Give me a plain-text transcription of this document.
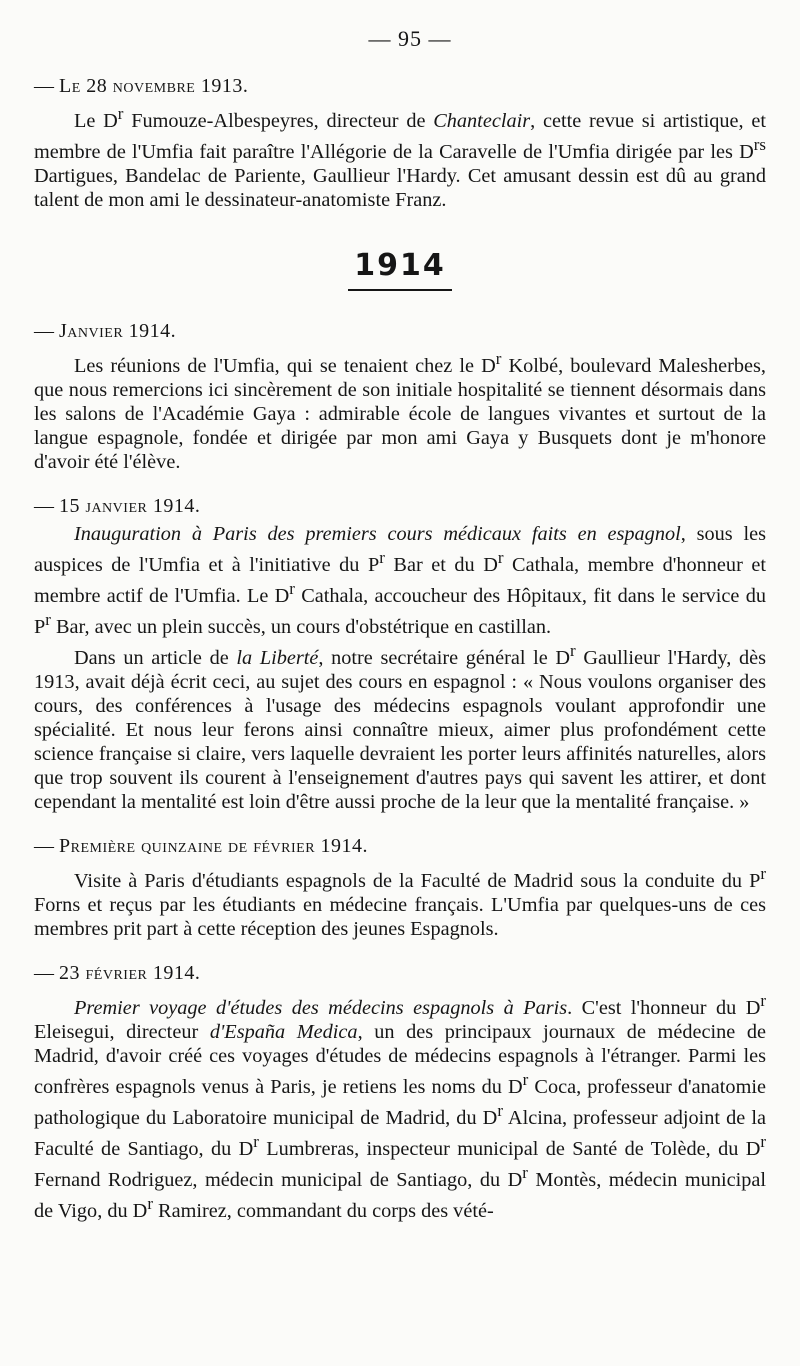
— 95 —
— Le 28 novembre 1913.

Le $D^r$ Fumouze-Albespeyres, directeur de Chanteclair, cette revue si artistique, et membre de l'Umfia fait paraître l'Allégorie de la Caravelle de l'Umfia dirigée par les $D^{rs}$ Dartigues, Bandelac de Pariente, Gaullieur l'Hardy. Cet amusant dessin est dû au grand talent de mon ami le dessinateur-anatomiste Franz.

1914
— Janvier 1914.

Les réunions de l'Umfia, qui se tenaient chez le $D^r$ Kolbé, boulevard Malesherbes, que nous remercions ici sincèrement de son initiale hospitalité se tiennent désormais dans les salons de l'Académie Gaya : admirable école de langues vivantes et surtout de la langue espagnole, fondée et dirigée par mon ami Gaya y Busquets dont je m'honore d'avoir été l'élève.

— 15 janvier 1914.

Inauguration à Paris des premiers cours médicaux faits en espagnol, sous les auspices de l'Umfia et à l'initiative du $P^r$ Bar et du $D^r$ Cathala, membre d'honneur et membre actif de l'Umfia. Le $D^r$ Cathala, accoucheur des Hôpitaux, fit dans le service du $P^r$ Bar, avec un plein succès, un cours d'obstétrique en castillan.

Dans un article de la Liberté, notre secrétaire général le $D^r$ Gaullieur l'Hardy, dès 1913, avait déjà écrit ceci, au sujet des cours en espagnol : « Nous voulons organiser des cours, des conférences à l'usage des médecins espagnols voulant approfondir une spécialité. Et nous leur ferons ainsi connaître mieux, aimer plus profondément cette science française si claire, vers laquelle devraient les porter leurs affinités naturelles, alors que trop souvent ils courent à l'enseignement d'autres pays qui savent les attirer, et dont cependant la mentalité est loin d'être aussi proche de la leur que la mentalité française. »

— Première quinzaine de février 1914.

Visite à Paris d'étudiants espagnols de la Faculté de Madrid sous la conduite du $P^r$ Forns et reçus par les étudiants en médecine français. L'Umfia par quelques-uns de ces membres prit part à cette réception des jeunes Espagnols.

— 23 février 1914.

Premier voyage d'études des médecins espagnols à Paris. C'est l'honneur du $D^r$ Eleisegui, directeur d'España Medica, un des principaux journaux de médecine de Madrid, d'avoir créé ces voyages d'études de médecins espagnols à l'étranger. Parmi les confrères espagnols venus à Paris, je retiens les noms du $D^r$ Coca, professeur d'anatomie pathologique du Laboratoire municipal de Madrid, du $D^r$ Alcina, professeur adjoint de la Faculté de Santiago, du $D^r$ Lumbreras, inspecteur municipal de Santé de Tolède, du $D^r$ Fernand Rodriguez, médecin municipal de Santiago, du $D^r$ Montès, médecin municipal de Vigo, du $D^r$ Ramirez, commandant du corps des vété-
